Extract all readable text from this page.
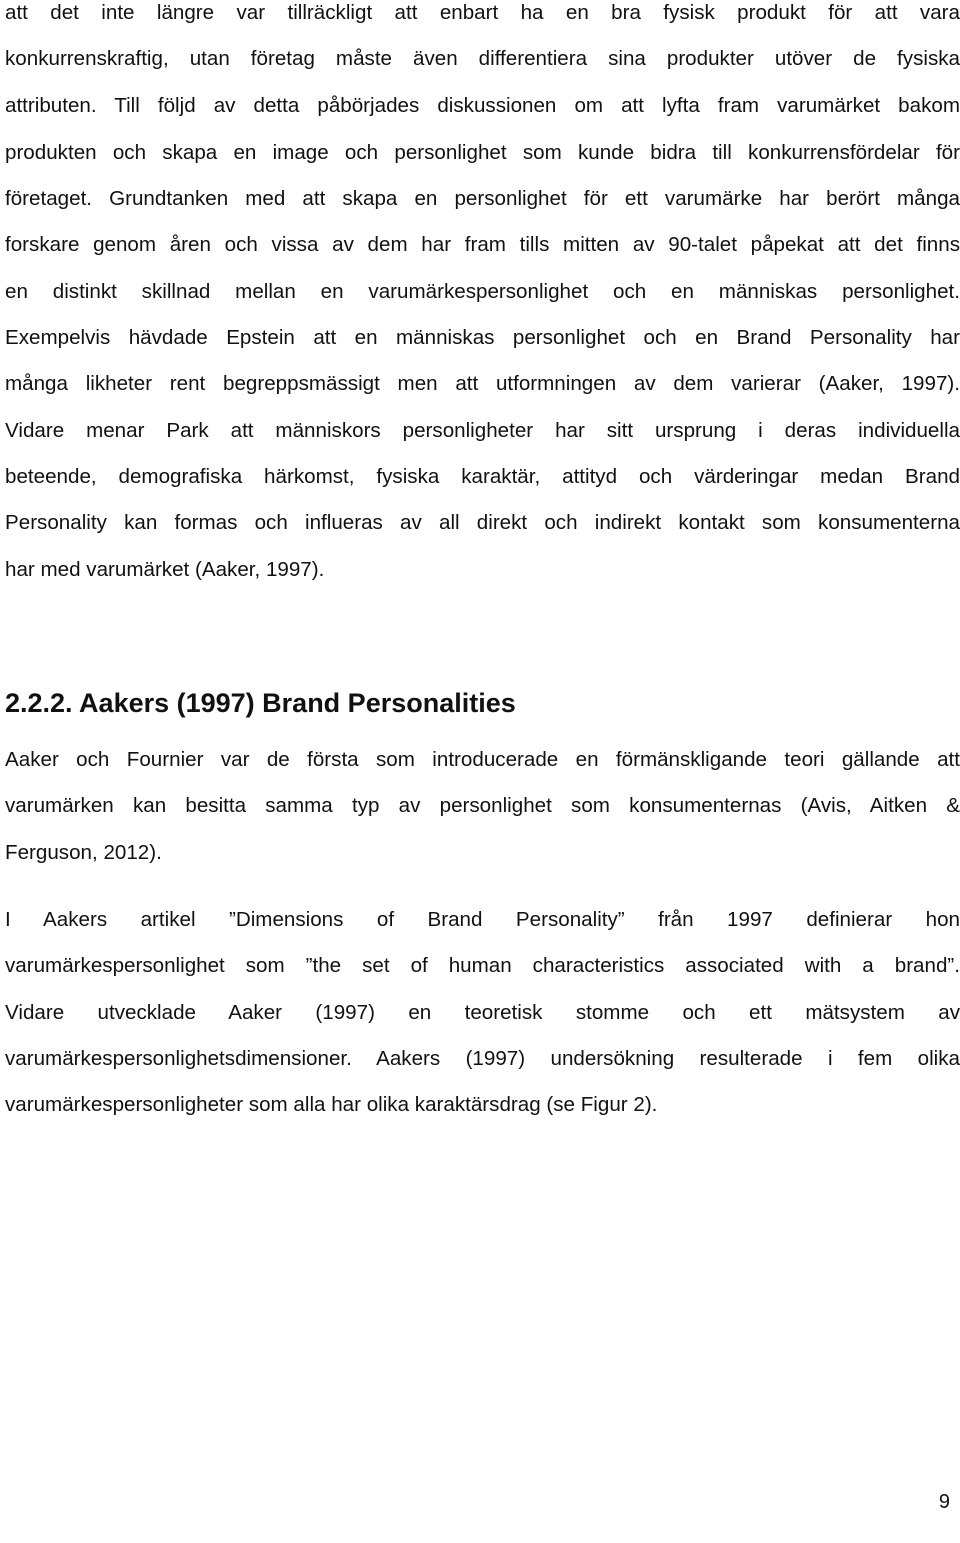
att det inte längre var tillräckligt att enbart ha en bra fysisk produkt för att vara
konkurrenskraftig, utan företag måste även differentiera sina produkter utöver de fysiska
attributen. Till följd av detta påbörjades diskussionen om att lyfta fram varumärket bakom
produkten och skapa en image och personlighet som kunde bidra till konkurrensfördelar för
företaget. Grundtanken med att skapa en personlighet för ett varumärke har berört många
forskare genom åren och vissa av dem har fram tills mitten av 90-talet påpekat att det finns
en distinkt skillnad mellan en varumärkespersonlighet och en människas personlighet.
Exempelvis hävdade Epstein att en människas personlighet och en Brand Personality har
många likheter rent begreppsmässigt men att utformningen av dem varierar (Aaker, 1997).
Vidare menar Park att människors personligheter har sitt ursprung i deras individuella
beteende, demografiska härkomst, fysiska karaktär, attityd och värderingar medan Brand
Personality kan formas och influeras av all direkt och indirekt kontakt som konsumenterna
har med varumärket (Aaker, 1997).
2.2.2. Aakers (1997) Brand Personalities
Aaker och Fournier var de första som introducerade en förmänskligande teori gällande att
varumärken kan besitta samma typ av personlighet som konsumenternas (Avis, Aitken &
Ferguson, 2012).
I Aakers artikel ”Dimensions of Brand Personality” från 1997 definierar hon
varumärkespersonlighet som ”the set of human characteristics associated with a brand”.
Vidare utvecklade Aaker (1997) en teoretisk stomme och ett mätsystem av
varumärkespersonlighetsdimensioner. Aakers (1997) undersökning resulterade i fem olika
varumärkespersonligheter som alla har olika karaktärsdrag (se Figur 2).
9
